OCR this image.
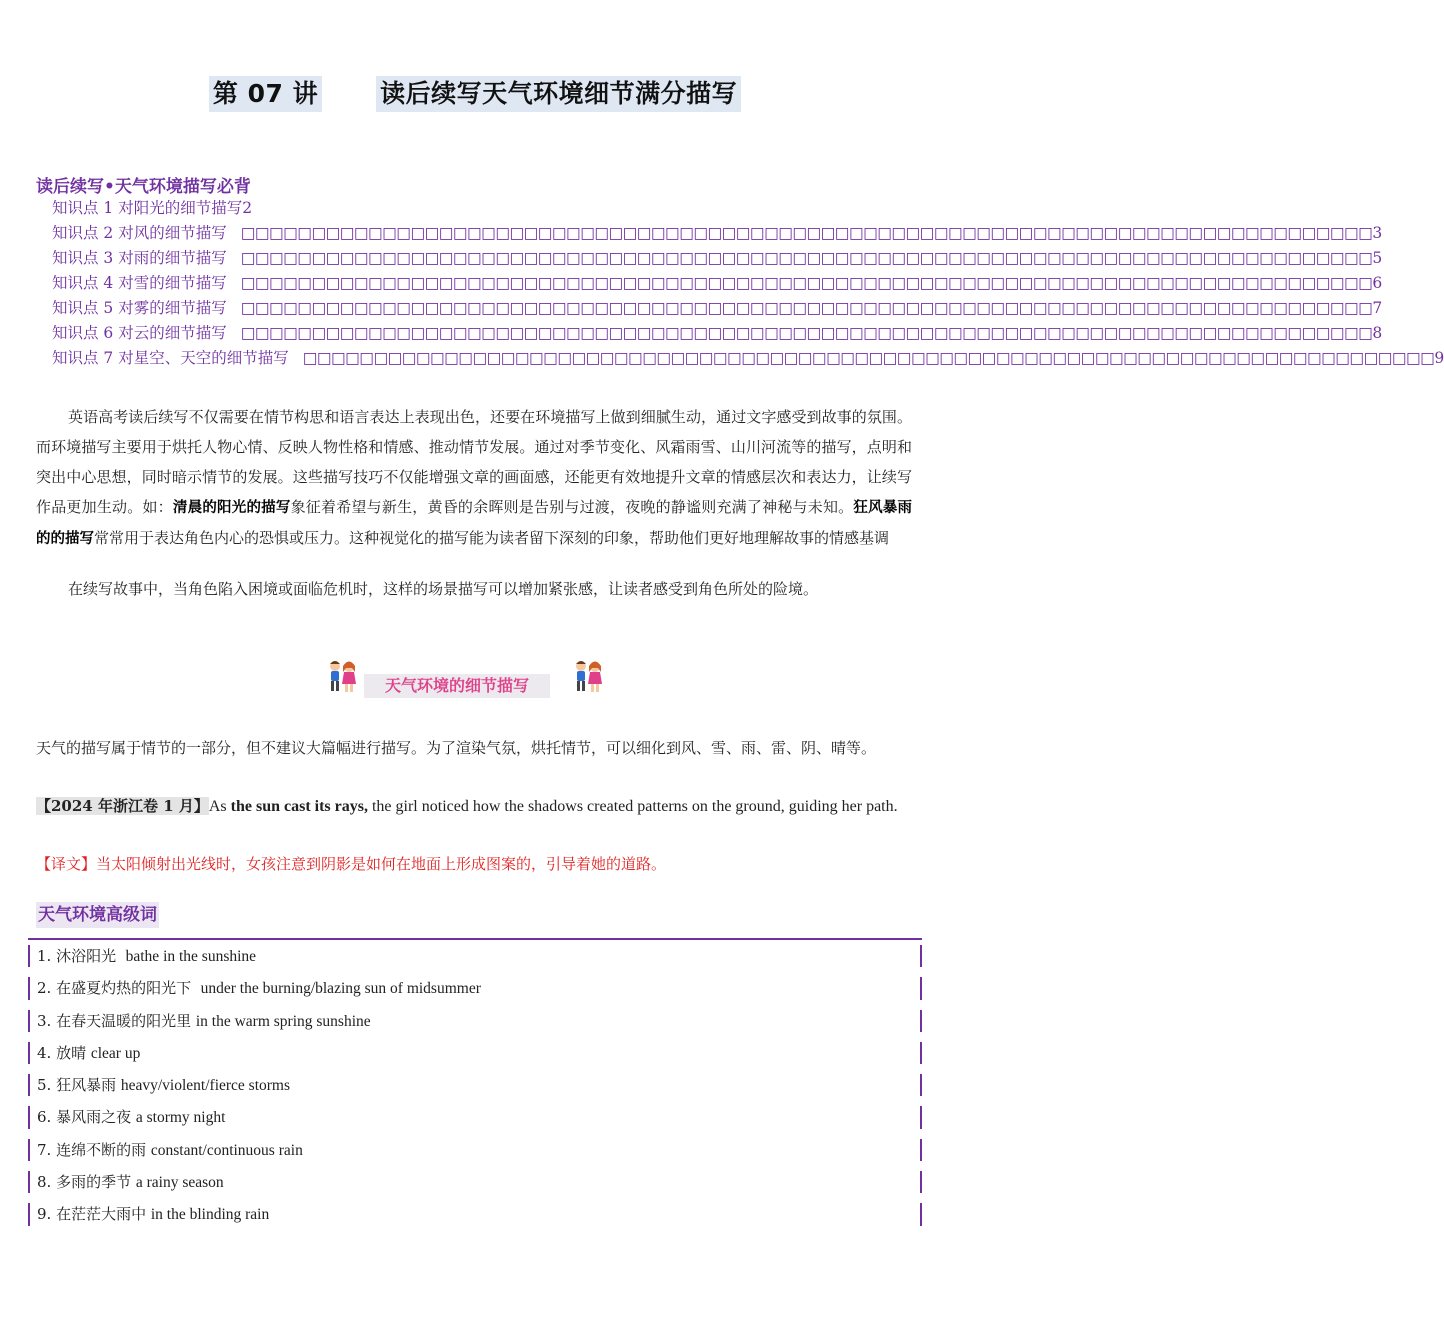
第 07 讲 读后续写天气环境细节满分描写
读后续写•天气环境描写必背
知识点 1 对阳光的细节描写 2
知识点 2 对风的细节描写 □□□□□□□□□□□□□□□□□□□□□□□□□□□□□□□□□□□□□□□□□□□□□□□□□□□□□□□□□□□□□□□□□□□□□□□□□□□□□□□□ 3
知识点 3 对雨的细节描写 □□□□□□□□□□□□□□□□□□□□□□□□□□□□□□□□□□□□□□□□□□□□□□□□□□□□□□□□□□□□□□□□□□□□□□□□□□□□□□□□ 5
知识点 4 对雪的细节描写 □□□□□□□□□□□□□□□□□□□□□□□□□□□□□□□□□□□□□□□□□□□□□□□□□□□□□□□□□□□□□□□□□□□□□□□□□□□□□□□□ 6
知识点 5 对雾的细节描写 □□□□□□□□□□□□□□□□□□□□□□□□□□□□□□□□□□□□□□□□□□□□□□□□□□□□□□□□□□□□□□□□□□□□□□□□□□□□□□□□ 7
知识点 6 对云的细节描写 □□□□□□□□□□□□□□□□□□□□□□□□□□□□□□□□□□□□□□□□□□□□□□□□□□□□□□□□□□□□□□□□□□□□□□□□□□□□□□□□ 8
知识点 7 对星空、天空的细节描写 □□□□□□□□□□□□□□□□□□□□□□□□□□□□□□□□□□□□□□□□□□□□□□□□□□□□□□□□□□□□□□□□□□□□□□□□□□□□□□□□ 9
英语高考读后续写不仅需要在情节构思和语言表达上表现出色，还要在环境描写上做到细腻生动，通过文字感受到故事的氛围。而环境描写主要用于烘托人物心情、反映人物性格和情感、推动情节发展。通过对季节变化、风霜雨雪、山川河流等的描写，点明和突出中心思想，同时暗示情节的发展。这些描写技巧不仅能增强文章的画面感，还能更有效地提升文章的情感层次和表达力，让续写作品更加生动。如：清晨的阳光的描写象征着希望与新生，黄昏的余晖则是告别与过渡，夜晚的静谧则充满了神秘与未知。狂风暴雨的的描写常常用于表达角色内心的恐惧或压力。这种视觉化的描写能为读者留下深刻的印象，帮助他们更好地理解故事的情感基调
在续写故事中，当角色陷入困境或面临危机时，这样的场景描写可以增加紧张感，让读者感受到角色所处的险境。
天气环境的细节描写
天气的描写属于情节的一部分，但不建议大篇幅进行描写。为了渲染气氛，烘托情节，可以细化到风、雪、雨、雷、阴、晴等。
【2024 年浙江卷 1 月】As the sun cast its rays, the girl noticed how the shadows created patterns on the ground, guiding her path.
【译文】当太阳倾射出光线时，女孩注意到阴影是如何在地面上形成图案的，引导着她的道路。
天气环境高级词
1. 沐浴阳光  bathe in the sunshine
2. 在盛夏灼热的阳光下  under the burning/blazing sun of midsummer
3. 在春天温暖的阳光里 in the warm spring sunshine
4. 放晴 clear up
5. 狂风暴雨 heavy/violent/fierce storms
6. 暴风雨之夜 a stormy night
7. 连绵不断的雨 constant/continuous rain
8. 多雨的季节 a rainy season
9. 在茫茫大雨中 in the blinding rain
